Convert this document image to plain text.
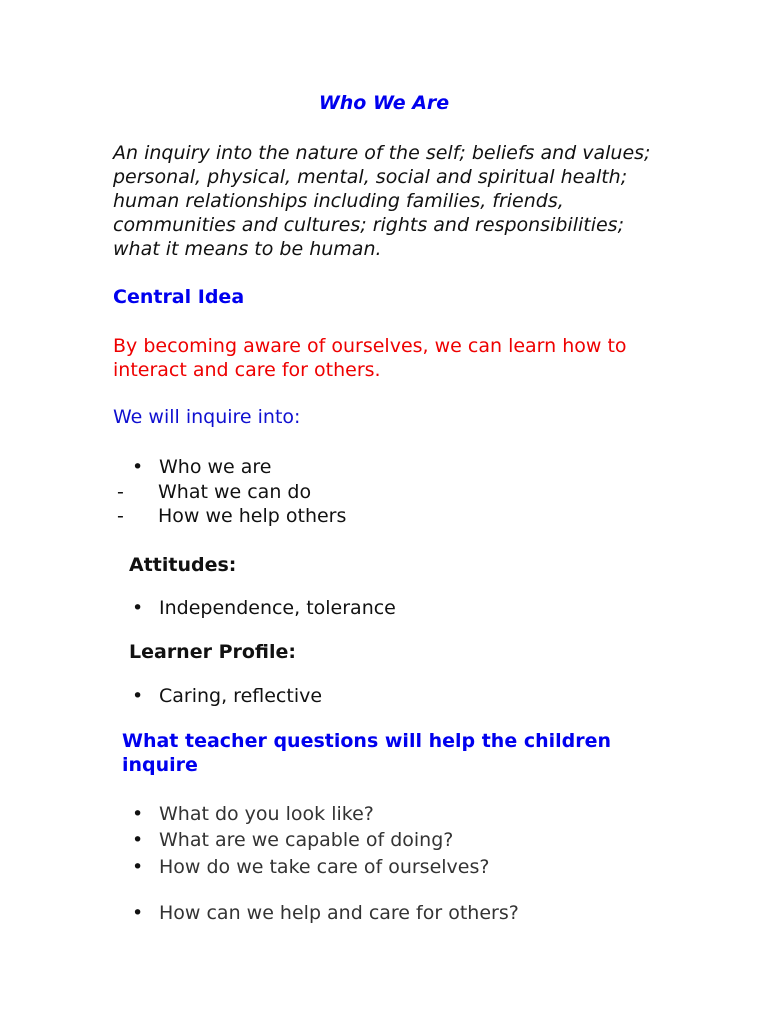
Who We Are
An inquiry into the nature of the self; beliefs and values; personal, physical, mental, social and spiritual health; human relationships including families, friends, communities and cultures; rights and responsibilities; what it means to be human.
Central Idea
By becoming aware of ourselves, we can learn how to interact and care for others.
We will inquire into:
• Who we are
- What we can do
- How we help others
Attitudes:
• Independence, tolerance
Learner Profile:
• Caring, reflective
What teacher questions will help the children inquire
• What do you look like?
• What are we capable of doing?
• How do we take care of ourselves?
• How can we help and care for others?
